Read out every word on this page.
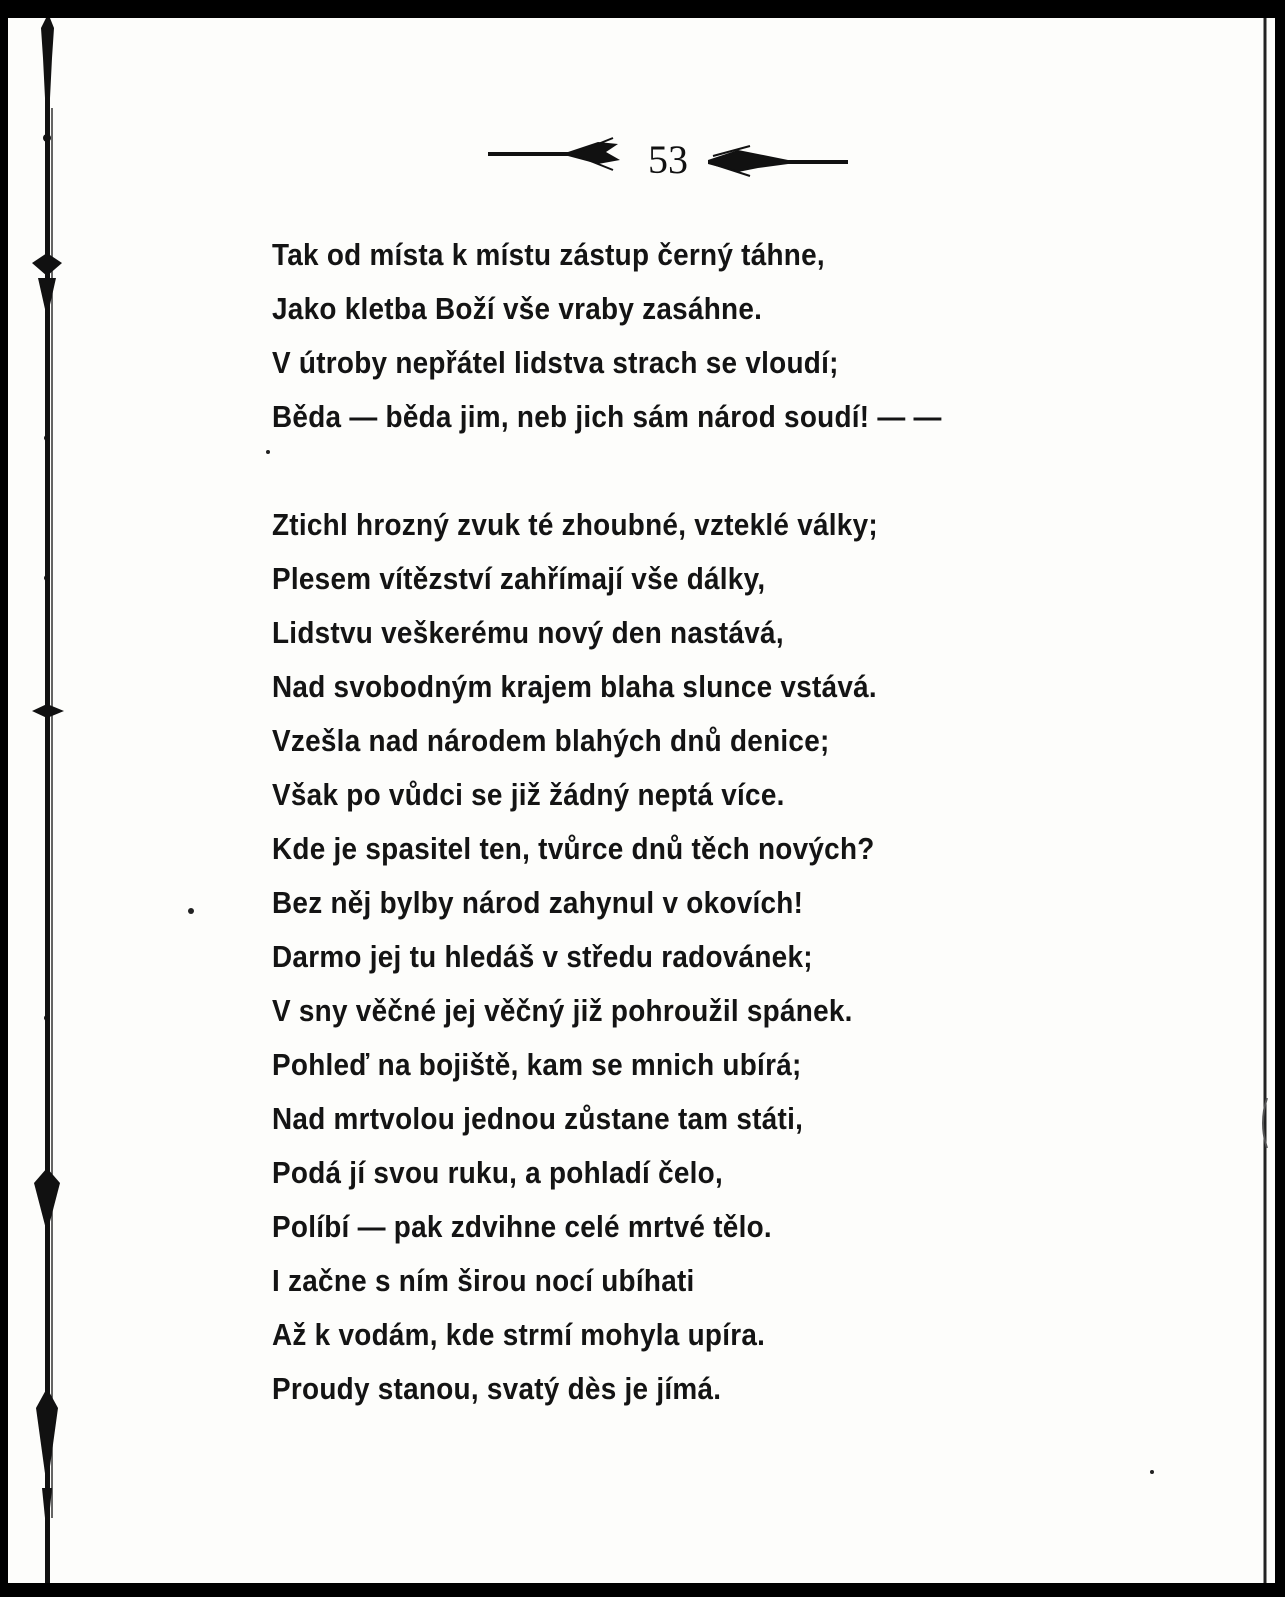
53
Tak od místa k místu zástup černý táhne,
Jako kletba Boží vše vraby zasáhne.
V útroby nepřátel lidstva strach se vloudí;
Běda — běda jim, neb jich sám národ soudí! — —
Ztichl hrozný zvuk té zhoubné, vzteklé války;
Plesem vítězství zahřímají vše dálky,
Lidstvu veškerému nový den nastává,
Nad svobodným krajem blaha slunce vstává.
Vzešla nad národem blahých dnů denice;
Však po vůdci se již žádný neptá více.
Kde je spasitel ten, tvůrce dnů těch nových?
Bez něj bylby národ zahynul v okovích!
Darmo jej tu hledáš v středu radovánek;
V sny věčné jej věčný již pohroužil spánek.
Pohleď na bojiště, kam se mnich ubírá;
Nad mrtvolou jednou zůstane tam státi,
Podá jí svou ruku, a pohladí čelo,
Políbí — pak zdvihne celé mrtvé tělo.
I začne s ním širou nocí ubíhati
Až k vodám, kde strmí mohyla upíra.
Proudy stanou, svatý dès je jímá.
